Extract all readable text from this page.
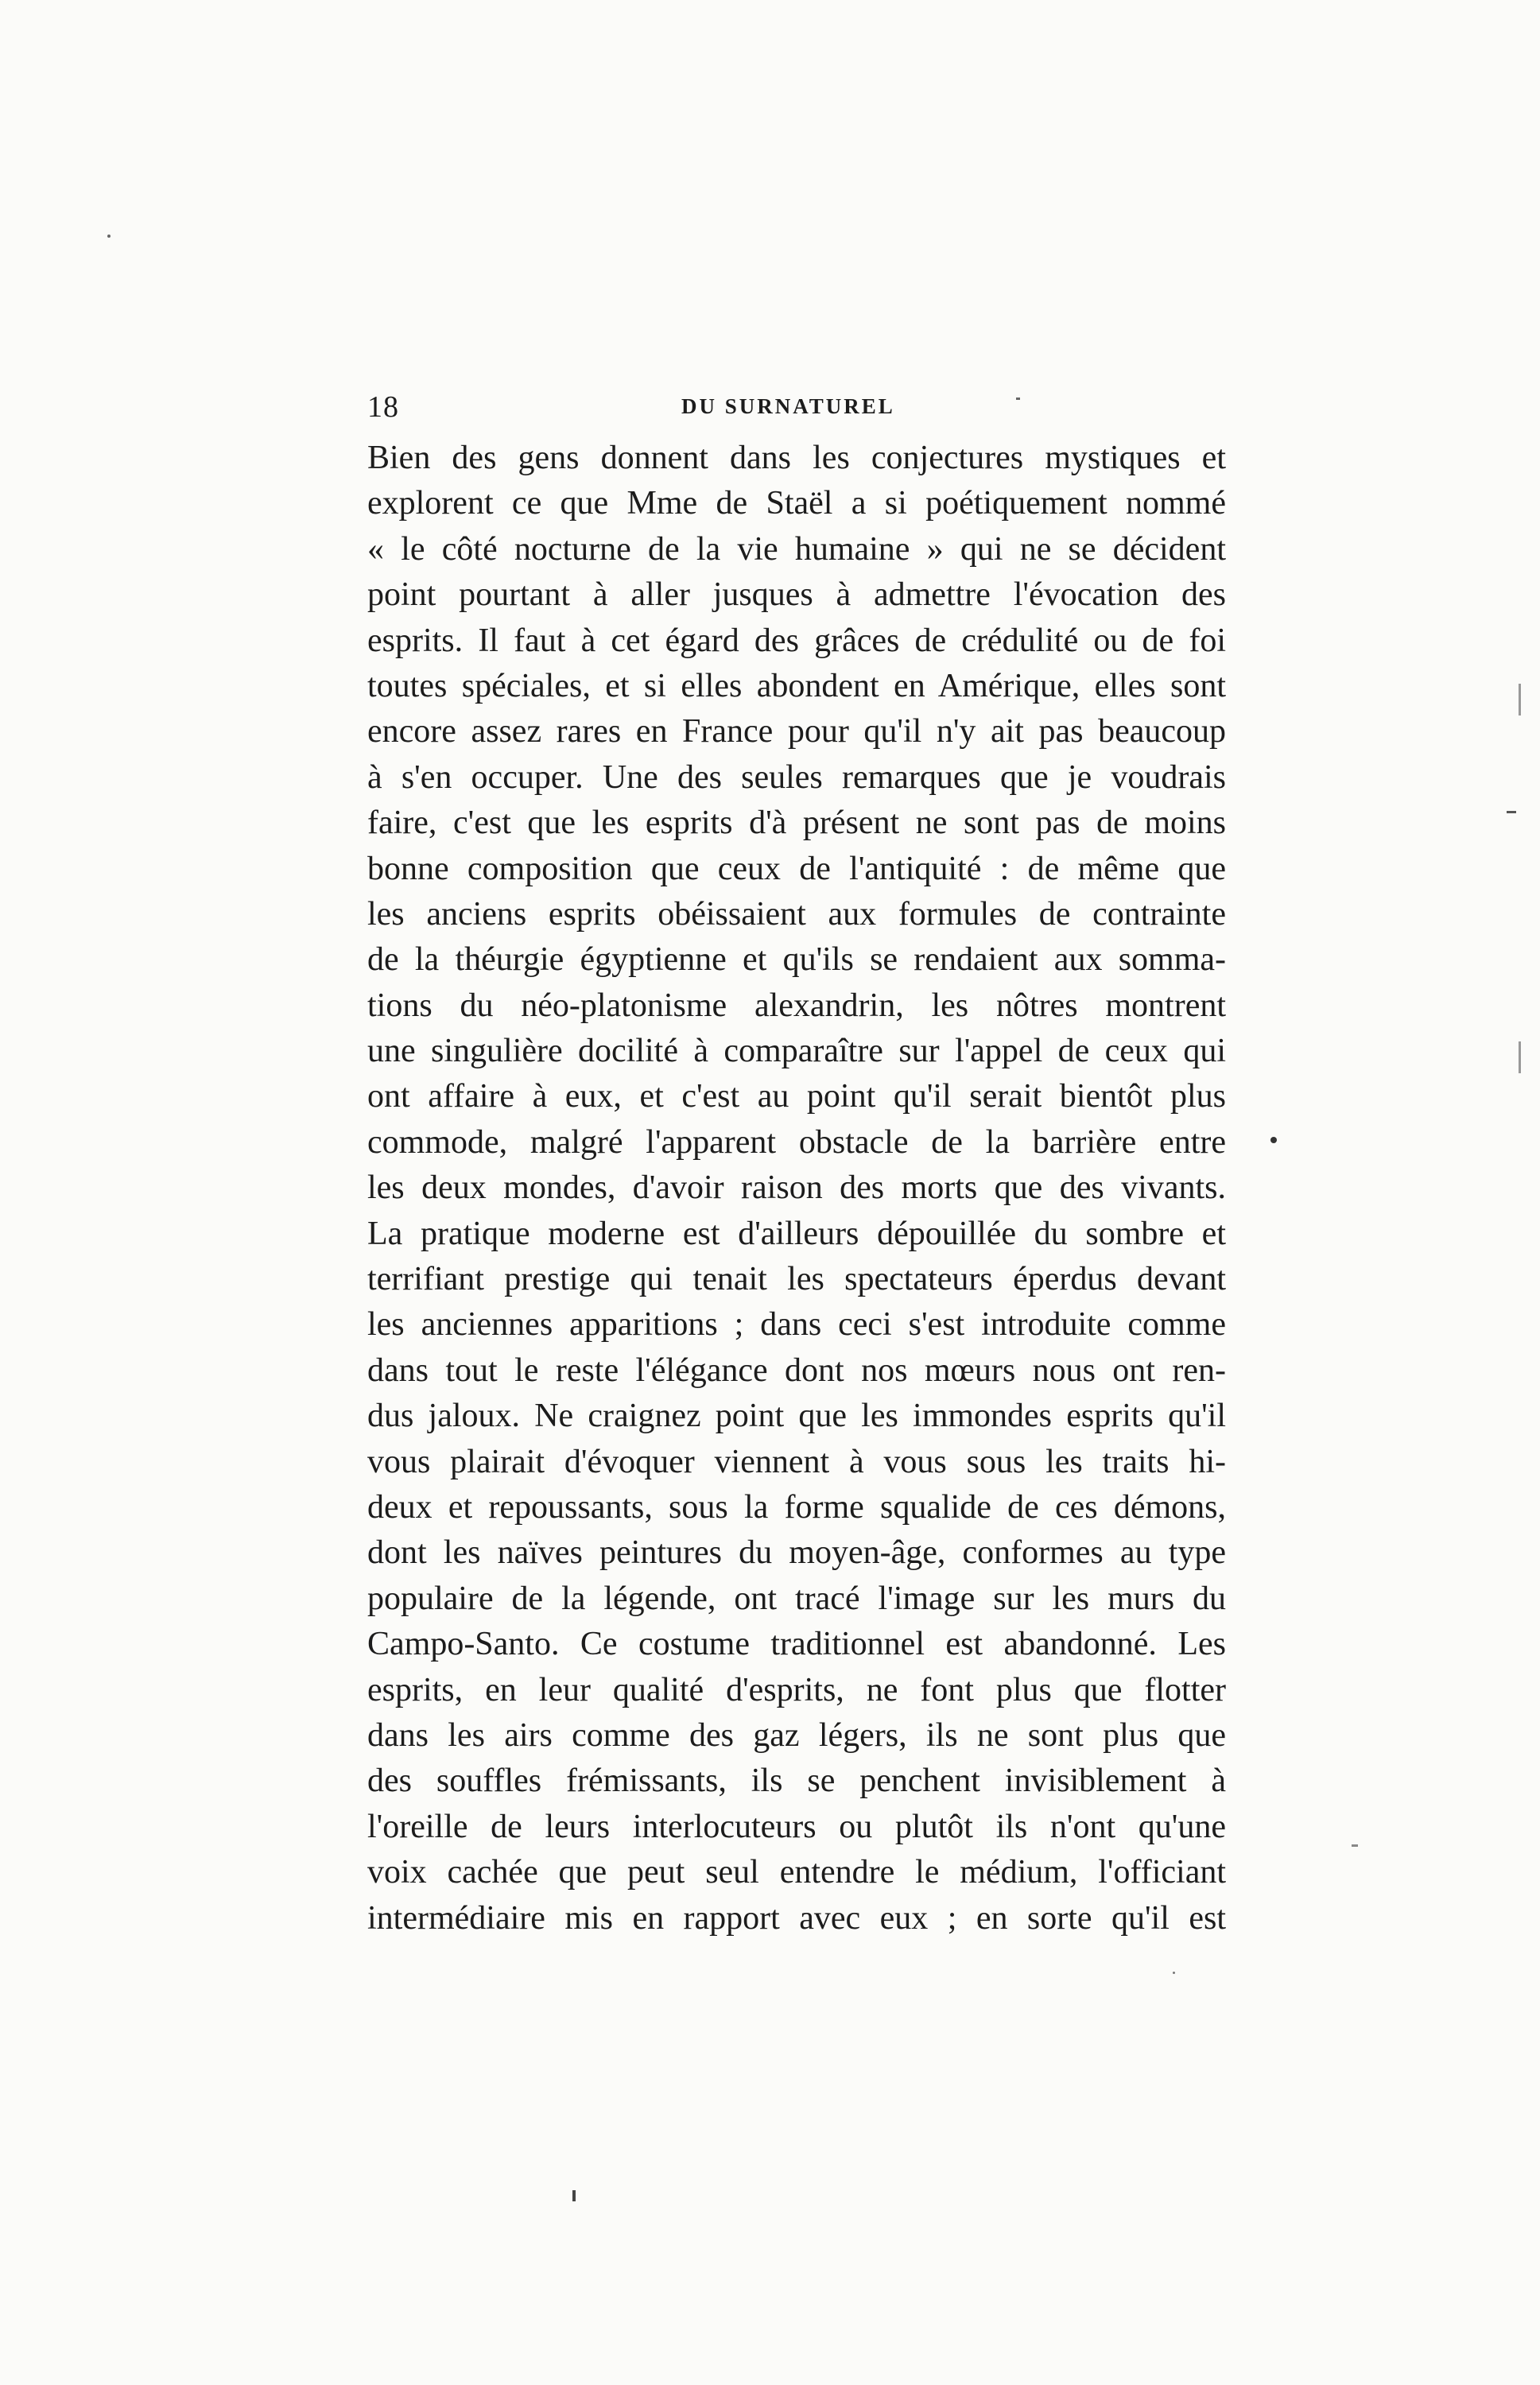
18	DU SURNATUREL
Bien des gens donnent dans les conjectures mystiques et
explorent ce que Mme de Staël a si poétiquement nommé
« le côté nocturne de la vie humaine » qui ne se décident
point pourtant à aller jusques à admettre l'évocation des
esprits. Il faut à cet égard des grâces de crédulité ou de foi
toutes spéciales, et si elles abondent en Amérique, elles sont
encore assez rares en France pour qu'il n'y ait pas beaucoup
à s'en occuper. Une des seules remarques que je voudrais
faire, c'est que les esprits d'à présent ne sont pas de moins
bonne composition que ceux de l'antiquité : de même que
les anciens esprits obéissaient aux formules de contrainte
de la théurgie égyptienne et qu'ils se rendaient aux somma-
tions du néo-platonisme alexandrin, les nôtres montrent
une singulière docilité à comparaître sur l'appel de ceux qui
ont affaire à eux, et c'est au point qu'il serait bientôt plus
commode, malgré l'apparent obstacle de la barrière entre
les deux mondes, d'avoir raison des morts que des vivants.
La pratique moderne est d'ailleurs dépouillée du sombre et
terrifiant prestige qui tenait les spectateurs éperdus devant
les anciennes apparitions ; dans ceci s'est introduite comme
dans tout le reste l'élégance dont nos mœurs nous ont ren-
dus jaloux. Ne craignez point que les immondes esprits qu'il
vous plairait d'évoquer viennent à vous sous les traits hi-
deux et repoussants, sous la forme squalide de ces démons,
dont les naïves peintures du moyen-âge, conformes au type
populaire de la légende, ont tracé l'image sur les murs du
Campo-Santo. Ce costume traditionnel est abandonné. Les
esprits, en leur qualité d'esprits, ne font plus que flotter
dans les airs comme des gaz légers, ils ne sont plus que
des souffles frémissants, ils se penchent invisiblement à
l'oreille de leurs interlocuteurs ou plutôt ils n'ont qu'une
voix cachée que peut seul entendre le médium, l'officiant
intermédiaire mis en rapport avec eux ; en sorte qu'il est
